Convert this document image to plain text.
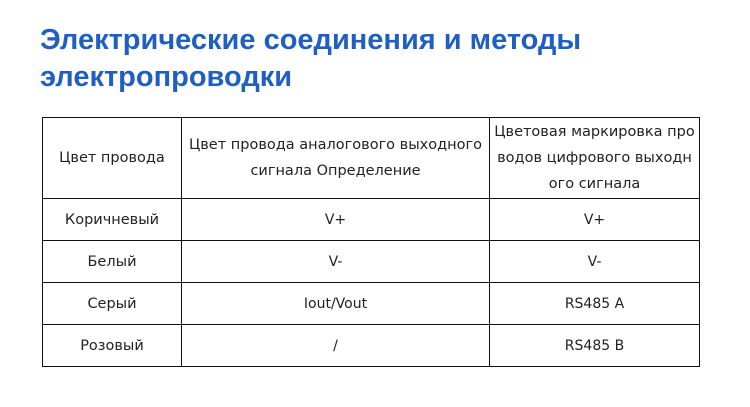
Электрические соединения и методы электропроводки
Цвет провода	Цвет провода аналогового выходного сигнала Определение	Цветовая маркировка проводов цифрового выходного сигнала
Коричневый	V+	V+
Белый	V-	V-
Серый	Iout/Vout	RS485 A
Розовый	/	RS485 B
